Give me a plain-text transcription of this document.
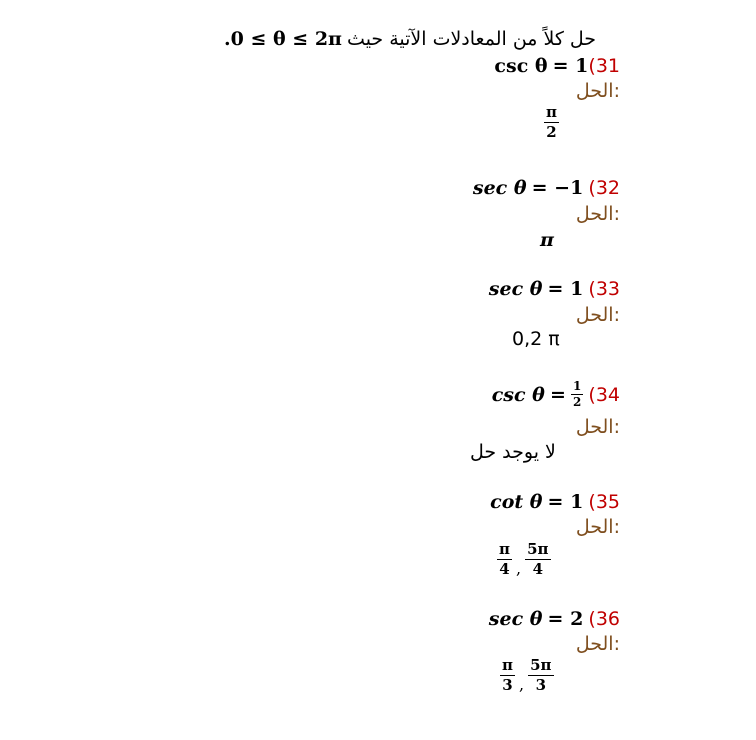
.0 ≤ θ ≤ 2π حل كلاً من المعادلات الآتية حيث
csc θ = 1(31
الحل:
$\frac{\pi}{2}$
sec θ = −1 (32
الحل:
π
sec θ = 1 (33
الحل:
0,2 π
csc θ
=
$\frac{1}{2}$
(34
الحل:
لا يوجد حل
cot θ = 1 (35
الحل:
$\frac{\pi}{4}$ , $\frac{5\pi}{4}$
sec θ = 2 (36
الحل:
$\frac{\pi}{3}$ , $\frac{5\pi}{3}$
